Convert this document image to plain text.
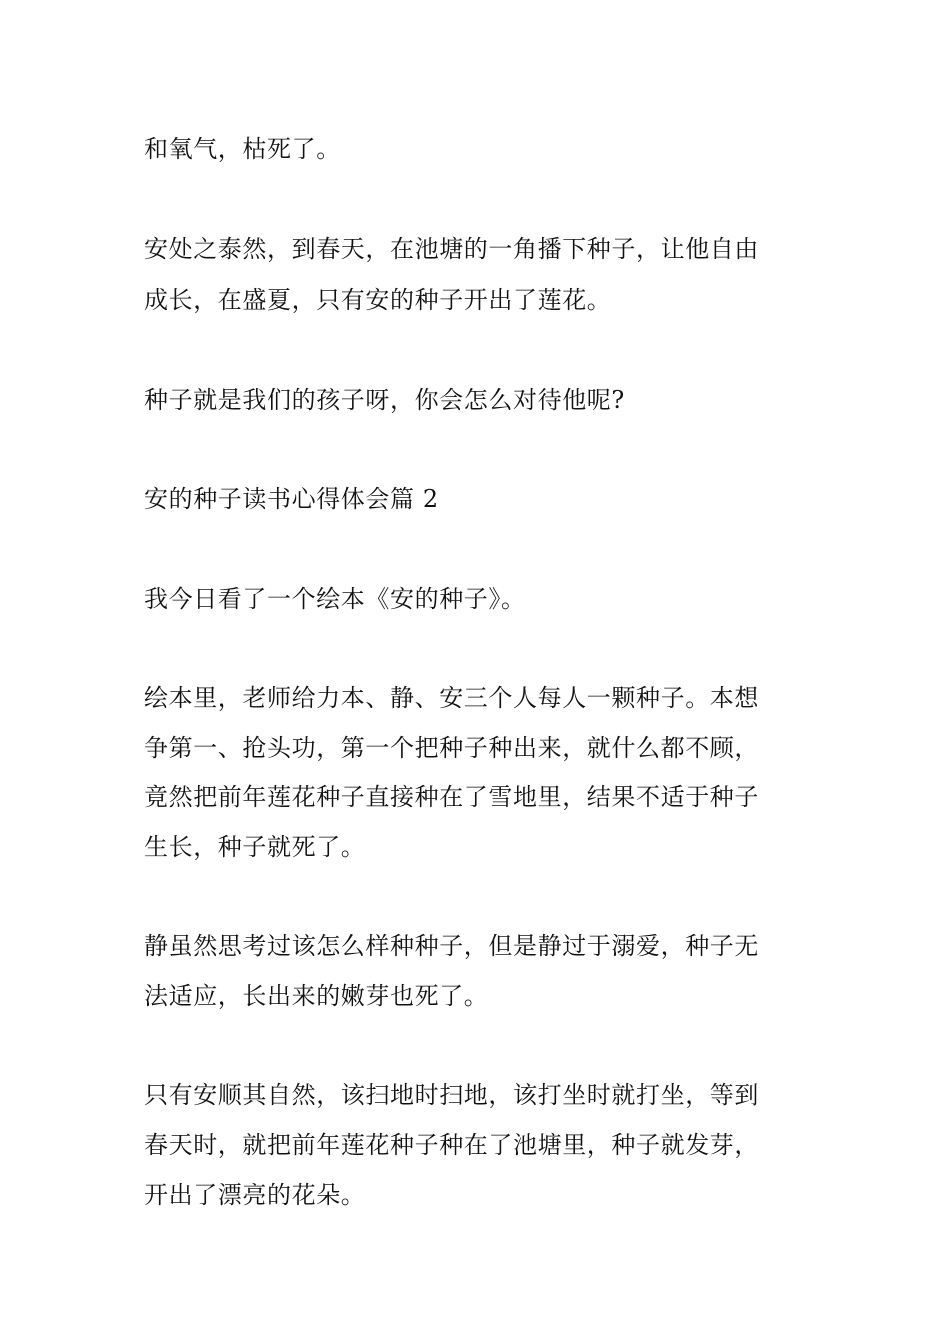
和氧气，枯死了。
安处之泰然，到春天，在池塘的一角播下种子，让他自由
成长，在盛夏，只有安的种子开出了莲花。
种子就是我们的孩子呀，你会怎么对待他呢?
安的种子读书心得体会篇 2
我今日看了一个绘本《安的种子》。
绘本里，老师给力本、静、安三个人每人一颗种子。本想
争第一、抢头功，第一个把种子种出来，就什么都不顾，
竟然把前年莲花种子直接种在了雪地里，结果不适于种子
生长，种子就死了。
静虽然思考过该怎么样种种子，但是静过于溺爱，种子无
法适应，长出来的嫩芽也死了。
只有安顺其自然，该扫地时扫地，该打坐时就打坐，等到
春天时，就把前年莲花种子种在了池塘里，种子就发芽，
开出了漂亮的花朵。
